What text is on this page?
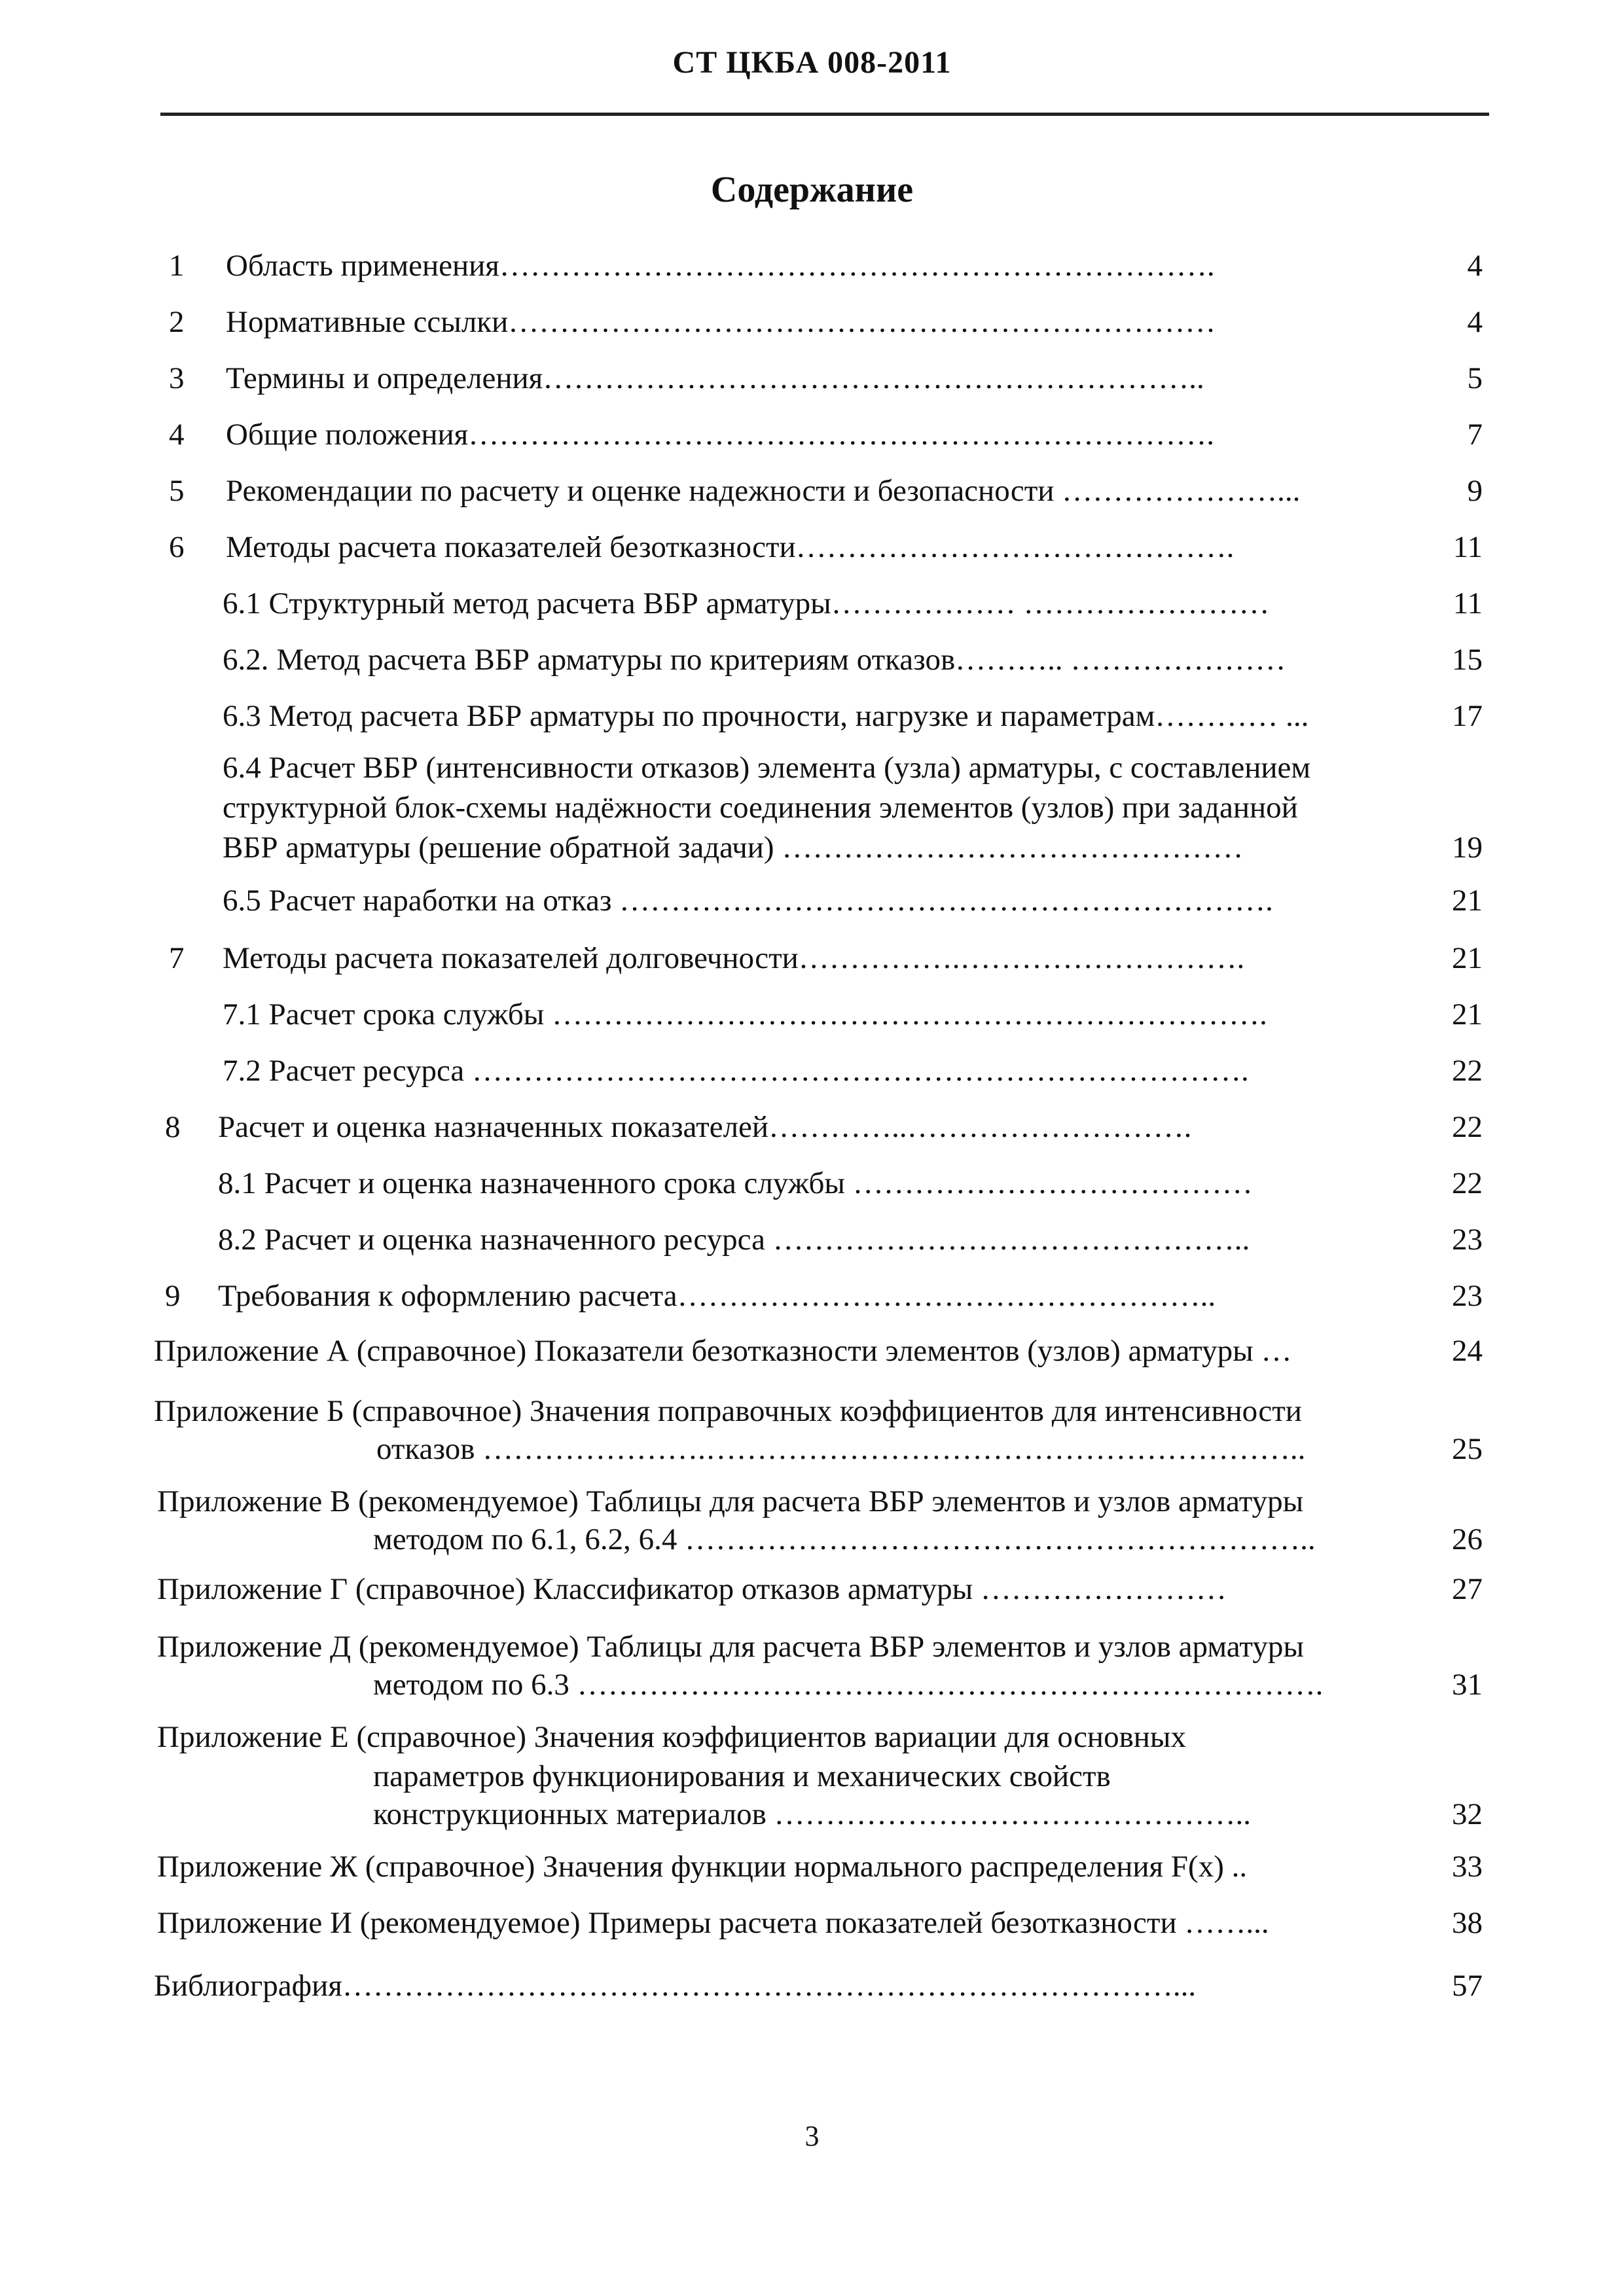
СТ ЦКБА 008-2011
Содержание
1 Область применения…………………………………………………………….	4
2 Нормативные ссылки……………………………………………………………	4
3 Термины и определения………………………………………………………..	5
4 Общие положения……………………………………………………………….	7
5 Рекомендации по расчету и оценке надежности и безопасности …………………...	9
6 Методы расчета показателей безотказности…………………………………….	11
6.1 Структурный метод расчета ВБР арматуры……………… ……………………	11
6.2. Метод расчета ВБР арматуры по критериям отказов……….. …………………	15
6.3 Метод расчета ВБР арматуры по прочности, нагрузке и параметрам………… ...	17
6.4 Расчет ВБР (интенсивности отказов) элемента (узла) арматуры, с составлением
структурной блок-схемы надёжности соединения элементов (узлов) при заданной
ВБР арматуры (решение обратной задачи) ………………………………………	19
6.5 Расчет наработки на отказ ……………………………………………………….	21
7 Методы расчета показателей долговечности…………….……………………….	21
7.1 Расчет срока службы …………………………………………………………….	21
7.2 Расчет ресурса ………………………………………………………………….	22
8 Расчет и оценка назначенных показателей…………..……………………….	22
8.1 Расчет и оценка назначенного срока службы …………………………………	22
8.2 Расчет и оценка назначенного ресурса ………………………………………..	23
9 Требования к оформлению расчета……………………………………………..	23
Приложение А (справочное) Показатели безотказности элементов (узлов) арматуры …	24
Приложение Б (справочное) Значения поправочных коэффициентов для интенсивности
отказов ………………….…………………………………………………..	25
Приложение В (рекомендуемое) Таблицы для расчета ВБР элементов и узлов арматуры
методом по 6.1, 6.2, 6.4 ……………………………………………………..	26
Приложение Г (справочное) Классификатор отказов арматуры ……………………	27
Приложение Д (рекомендуемое) Таблицы для расчета ВБР элементов и узлов арматуры
методом по 6.3 ……………………………………………………………….	31
Приложение Е (справочное) Значения коэффициентов вариации для основных
параметров функционирования и механических свойств
конструкционных материалов ………………………………………..	32
Приложение Ж (справочное) Значения функции нормального распределения F(x) ..	33
Приложение И (рекомендуемое) Примеры расчета показателей безотказности ……...	38
Библиография………………………………………………………………………...	57
3
